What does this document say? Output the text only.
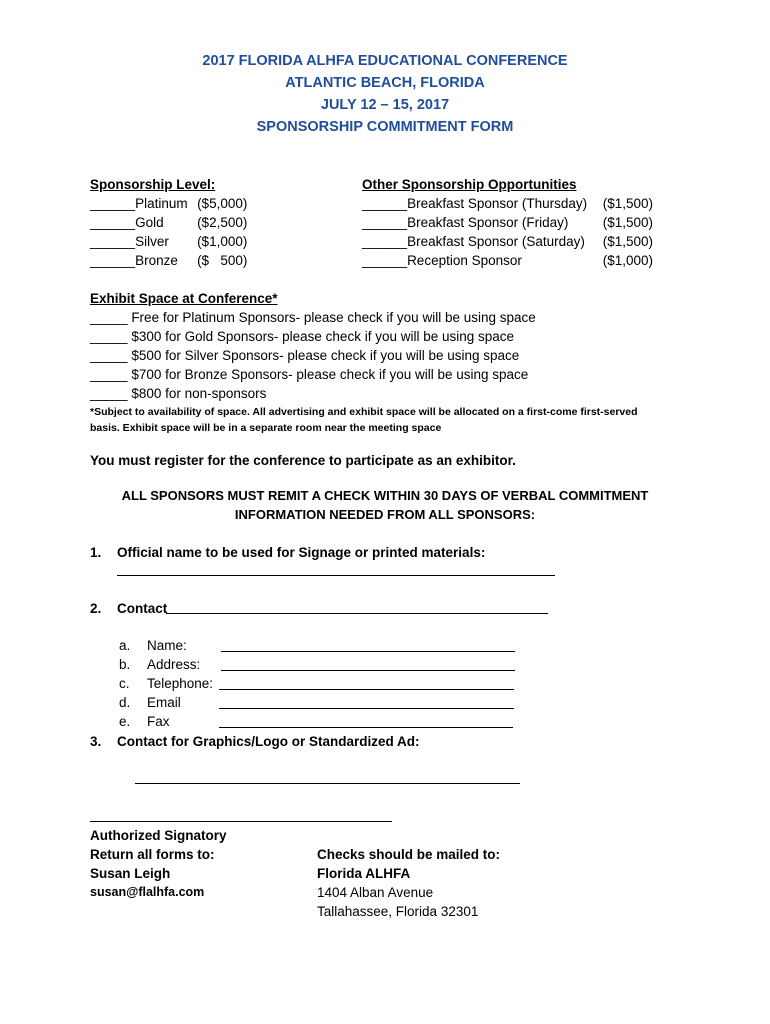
2017 FLORIDA ALHFA EDUCATIONAL CONFERENCE
ATLANTIC BEACH, FLORIDA
JULY 12 – 15, 2017
SPONSORSHIP COMMITMENT FORM
Sponsorship Level:
______Platinum ($5,000)
______Gold ($2,500)
______Silver ($1,000)
______Bronze ($   500)
Other Sponsorship Opportunities
______Breakfast Sponsor (Thursday) ($1,500)
______Breakfast Sponsor (Friday)	($1,500)
______Breakfast Sponsor (Saturday) ($1,500)
______Reception Sponsor	($1,000)
Exhibit Space at Conference*
_____ Free for Platinum Sponsors- please check if you will be using space
_____ $300 for Gold Sponsors- please check if you will be using space
_____ $500 for Silver Sponsors- please check if you will be using space
_____ $700 for Bronze Sponsors- please check if you will be using space
_____ $800 for non-sponsors
*Subject to availability of space. All advertising and exhibit space will be allocated on a first-come first-served
basis. Exhibit space will be in a separate room near the meeting space
You must register for the conference to participate as an exhibitor.
ALL SPONSORS MUST REMIT A CHECK WITHIN 30 DAYS OF VERBAL COMMITMENT
INFORMATION NEEDED FROM ALL SPONSORS:
1. Official name to be used for Signage or printed materials:
2. Contact
a. Name:
b. Address:
c. Telephone:
d. Email
e. Fax
3. Contact for Graphics/Logo or Standardized Ad:
Authorized Signatory
Return all forms to:
Susan Leigh
susan@flalhfa.com
Checks should be mailed to:
Florida ALHFA
1404 Alban Avenue
Tallahassee, Florida 32301
